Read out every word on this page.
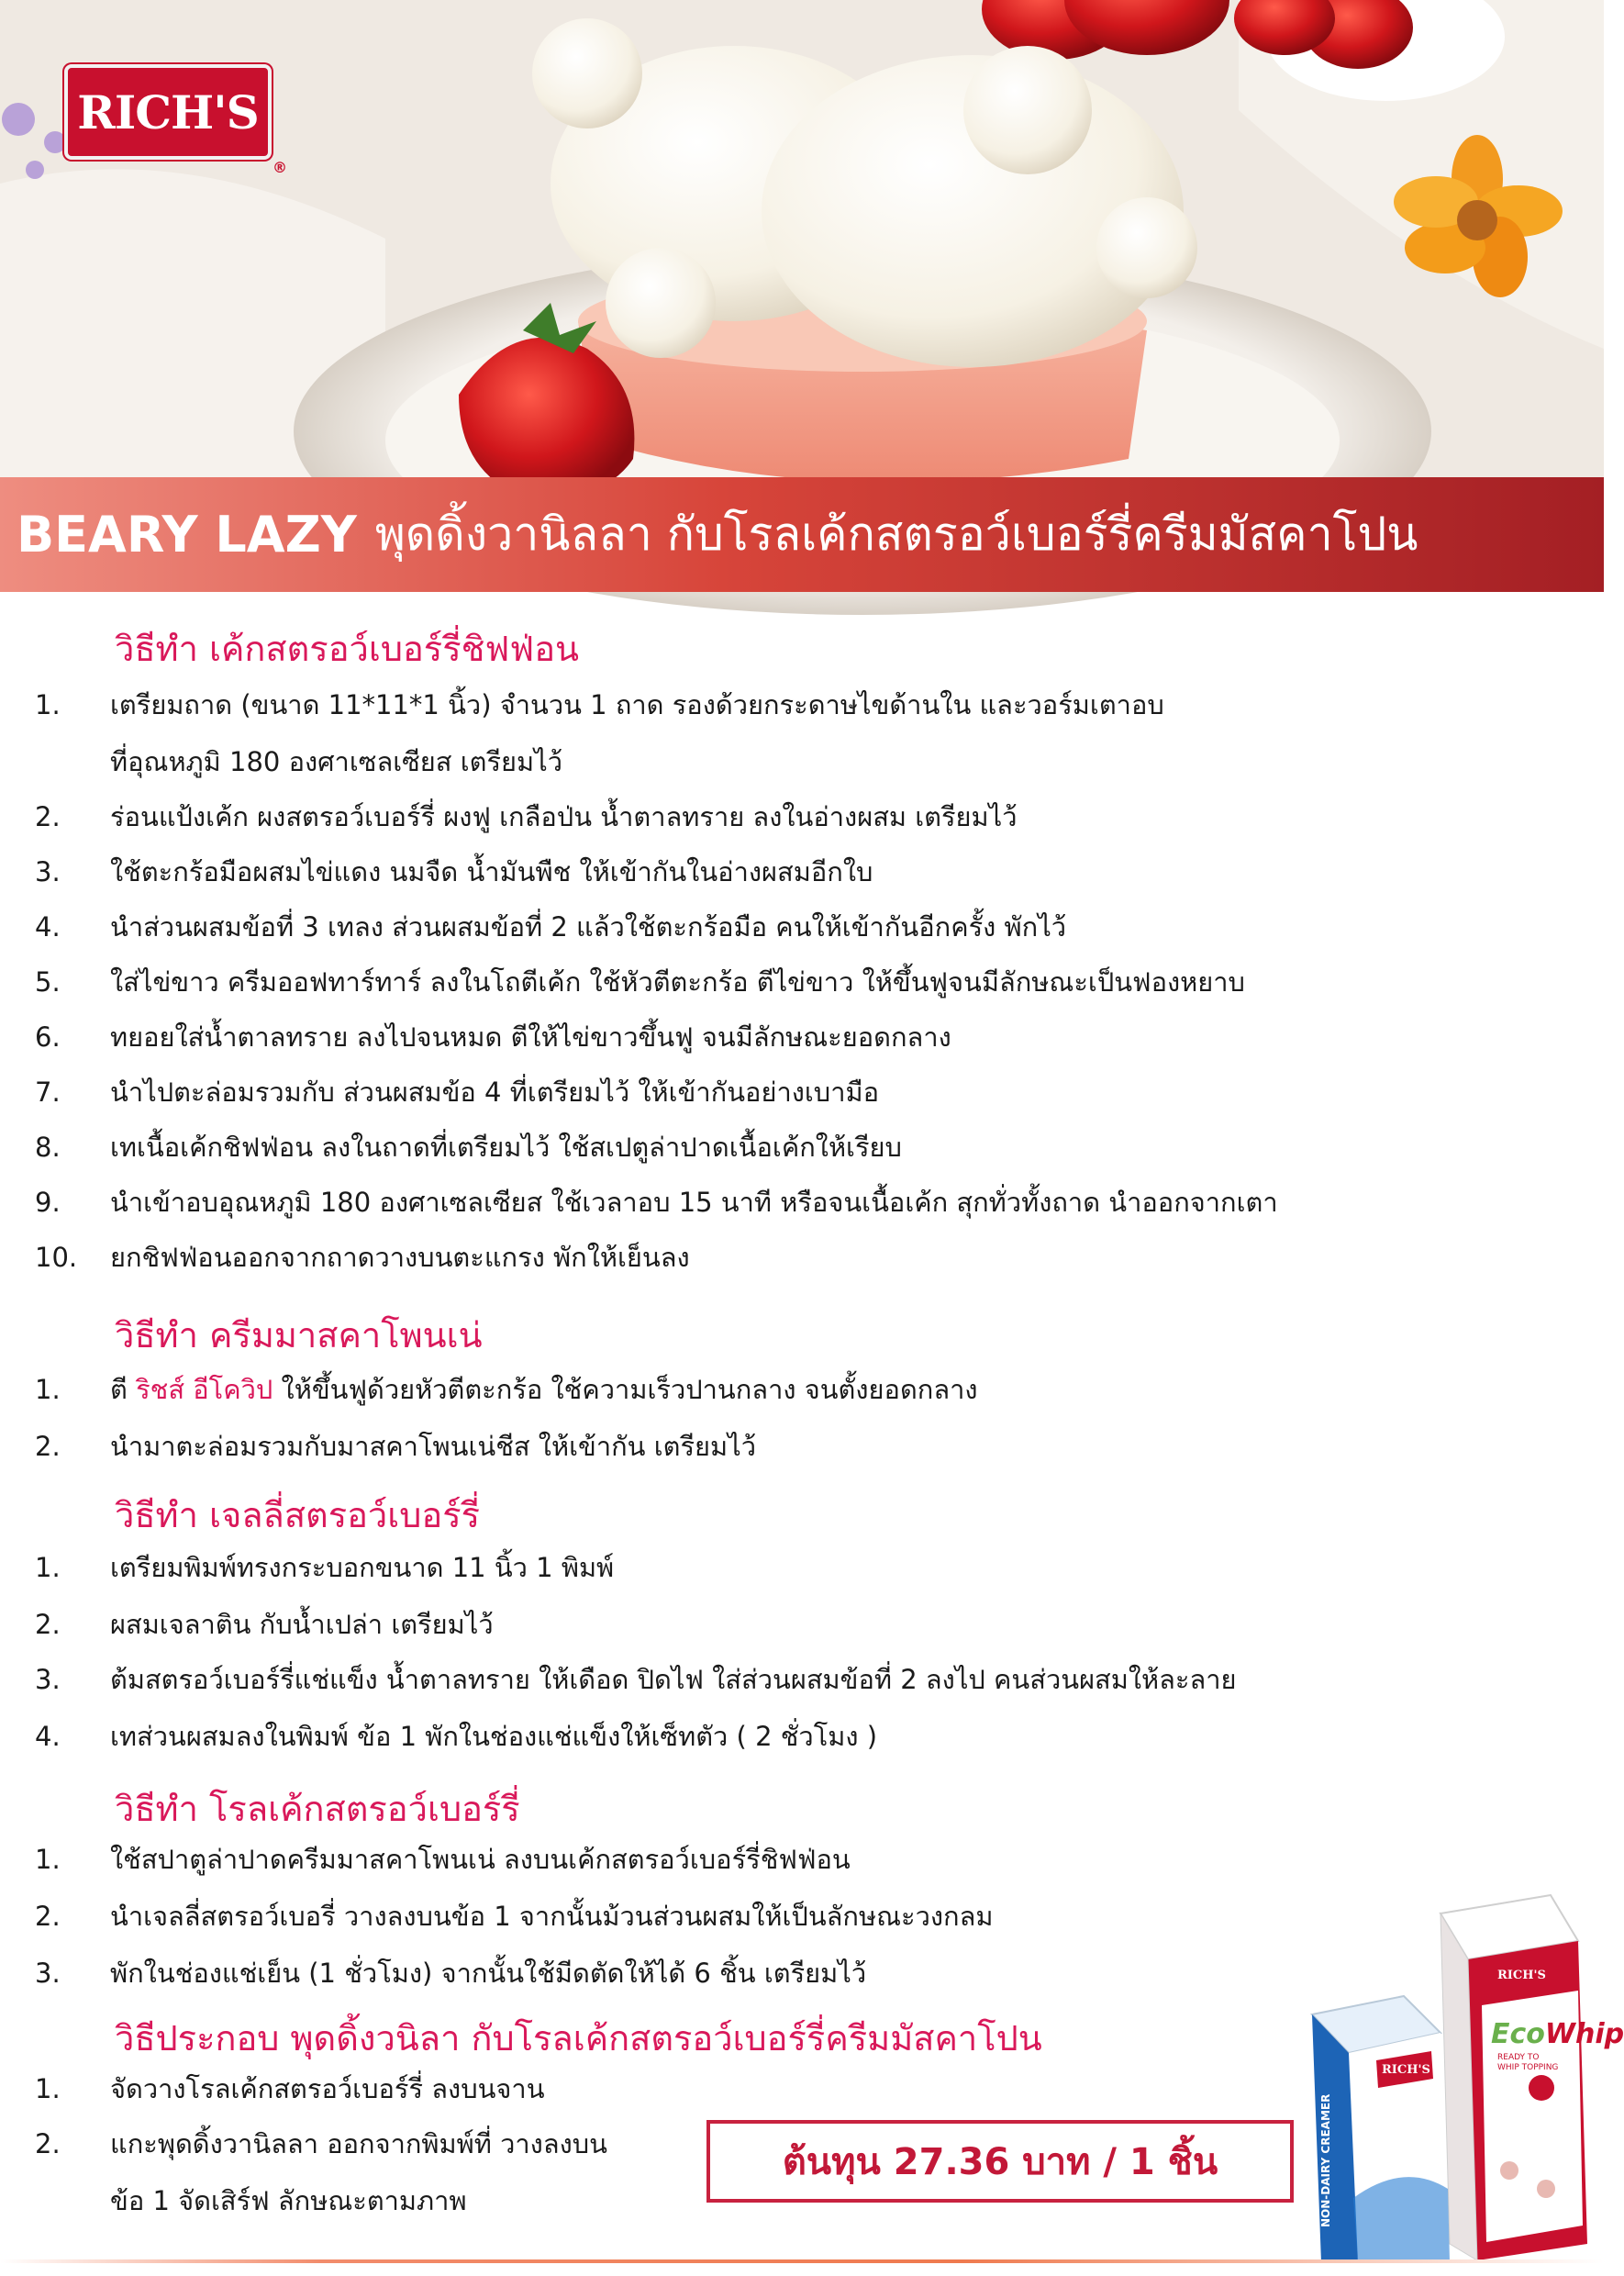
RICH'S
®
BEARY LAZY พุดดิ้งวานิลลา กับโรลเค้กสตรอว์เบอร์รี่ครีมมัสคาโปน
วิธีทำ เค้กสตรอว์เบอร์รี่ชิฟฟ่อน
1.	เตรียมถาด (ขนาด 11*11*1 นิ้ว) จำนวน 1 ถาด รองด้วยกระดาษไขด้านใน และวอร์มเตาอบ
ที่อุณหภูมิ 180 องศาเซลเซียส เตรียมไว้
2.	ร่อนแป้งเค้ก ผงสตรอว์เบอร์รี่ ผงฟู เกลือป่น น้ำตาลทราย ลงในอ่างผสม เตรียมไว้
3.	ใช้ตะกร้อมือผสมไข่แดง นมจืด น้ำมันพืช ให้เข้ากันในอ่างผสมอีกใบ
4.	นำส่วนผสมข้อที่ 3 เทลง ส่วนผสมข้อที่ 2 แล้วใช้ตะกร้อมือ คนให้เข้ากันอีกครั้ง พักไว้
5.	ใส่ไข่ขาว ครีมออฟทาร์ทาร์ ลงในโถตีเค้ก ใช้หัวตีตะกร้อ ตีไข่ขาว ให้ขึ้นฟูจนมีลักษณะเป็นฟองหยาบ
6.	ทยอยใส่น้ำตาลทราย ลงไปจนหมด ตีให้ไข่ขาวขึ้นฟู จนมีลักษณะยอดกลาง
7.	นำไปตะล่อมรวมกับ ส่วนผสมข้อ 4 ที่เตรียมไว้ ให้เข้ากันอย่างเบามือ
8.	เทเนื้อเค้กชิฟฟ่อน ลงในถาดที่เตรียมไว้ ใช้สเปตูล่าปาดเนื้อเค้กให้เรียบ
9.	นำเข้าอบอุณหภูมิ 180 องศาเซลเซียส ใช้เวลาอบ 15 นาที หรือจนเนื้อเค้ก สุกทั่วทั้งถาด นำออกจากเตา
10.	ยกชิฟฟ่อนออกจากถาดวางบนตะแกรง พักให้เย็นลง
วิธีทำ ครีมมาสคาโพนเน่
1.	ตี ริชส์ อีโควิป ให้ขึ้นฟูด้วยหัวตีตะกร้อ ใช้ความเร็วปานกลาง จนตั้งยอดกลาง
2.	นำมาตะล่อมรวมกับมาสคาโพนเน่ชีส ให้เข้ากัน เตรียมไว้
วิธีทำ เจลลี่สตรอว์เบอร์รี่
1.	เตรียมพิมพ์ทรงกระบอกขนาด 11 นิ้ว 1 พิมพ์
2.	ผสมเจลาติน กับน้ำเปล่า เตรียมไว้
3.	ต้มสตรอว์เบอร์รี่แช่แข็ง น้ำตาลทราย ให้เดือด ปิดไฟ ใส่ส่วนผสมข้อที่ 2 ลงไป คนส่วนผสมให้ละลาย
4.	เทส่วนผสมลงในพิมพ์ ข้อ 1 พักในช่องแช่แข็งให้เซ็ทตัว ( 2 ชั่วโมง )
วิธีทำ โรลเค้กสตรอว์เบอร์รี่
1.	ใช้สปาตูล่าปาดครีมมาสคาโพนเน่ ลงบนเค้กสตรอว์เบอร์รี่ชิฟฟ่อน
2.	นำเจลลี่สตรอว์เบอรี่ วางลงบนข้อ 1 จากนั้นม้วนส่วนผสมให้เป็นลักษณะวงกลม
3.	พักในช่องแช่เย็น (1 ชั่วโมง) จากนั้นใช้มีดตัดให้ได้ 6 ชิ้น เตรียมไว้
วิธีประกอบ พุดดิ้งวนิลา กับโรลเค้กสตรอว์เบอร์รี่ครีมมัสคาโปน
1.	จัดวางโรลเค้กสตรอว์เบอร์รี่ ลงบนจาน
2.	แกะพุดดิ้งวานิลลา ออกจากพิมพ์ที่ วางลงบน
ข้อ 1 จัดเสิร์ฟ ลักษณะตามภาพ
ต้นทุน 27.36 บาท / 1 ชิ้น
RICH'S
EcoWhip
READY TO WHIP TOPPING
RICH'S
NON-DAIRY CREAMER
